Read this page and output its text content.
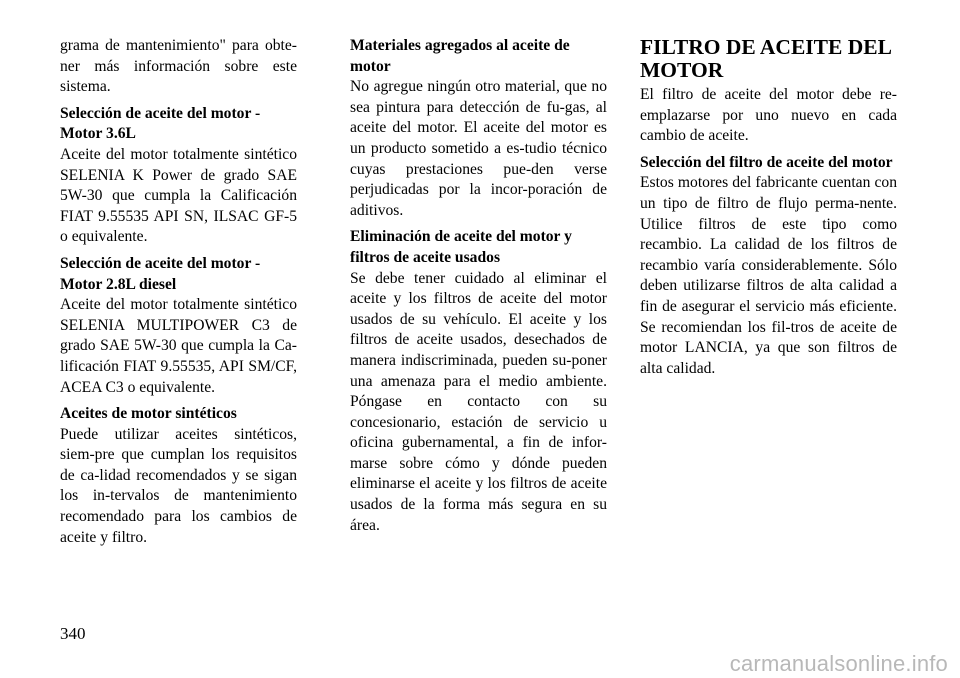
grama de mantenimiento" para obte-ner más información sobre este sistema.

Selección de aceite del motor - Motor 3.6L
Aceite del motor totalmente sintético SELENIA K Power de grado SAE 5W-30 que cumpla la Calificación FIAT 9.55535 API SN, ILSAC GF-5 o equivalente.

Selección de aceite del motor - Motor 2.8L diesel
Aceite del motor totalmente sintético SELENIA MULTIPOWER C3 de grado SAE 5W-30 que cumpla la Ca-lificación FIAT 9.55535, API SM/CF, ACEA C3 o equivalente.

Aceites de motor sintéticos
Puede utilizar aceites sintéticos, siem-pre que cumplan los requisitos de ca-lidad recomendados y se sigan los in-tervalos de mantenimiento recomendado para los cambios de aceite y filtro.

Materiales agregados al aceite de motor
No agregue ningún otro material, que no sea pintura para detección de fu-gas, al aceite del motor. El aceite del motor es un producto sometido a es-tudio técnico cuyas prestaciones pue-den verse perjudicadas por la incor-poración de aditivos.

Eliminación de aceite del motor y filtros de aceite usados
Se debe tener cuidado al eliminar el aceite y los filtros de aceite del motor usados de su vehículo. El aceite y los filtros de aceite usados, desechados de manera indiscriminada, pueden su-poner una amenaza para el medio ambiente. Póngase en contacto con su concesionario, estación de servicio u oficina gubernamental, a fin de infor-marse sobre cómo y dónde pueden eliminarse el aceite y los filtros de aceite usados de la forma más segura en su área.

FILTRO DE ACEITE DEL MOTOR

El filtro de aceite del motor debe re-emplazarse por uno nuevo en cada cambio de aceite.

Selección del filtro de aceite del motor
Estos motores del fabricante cuentan con un tipo de filtro de flujo perma-nente. Utilice filtros de este tipo como recambio. La calidad de los filtros de recambio varía considerablemente. Sólo deben utilizarse filtros de alta calidad a fin de asegurar el servicio más eficiente. Se recomiendan los fil-tros de aceite de motor LANCIA, ya que son filtros de alta calidad.

340
carmanualsonline.info
